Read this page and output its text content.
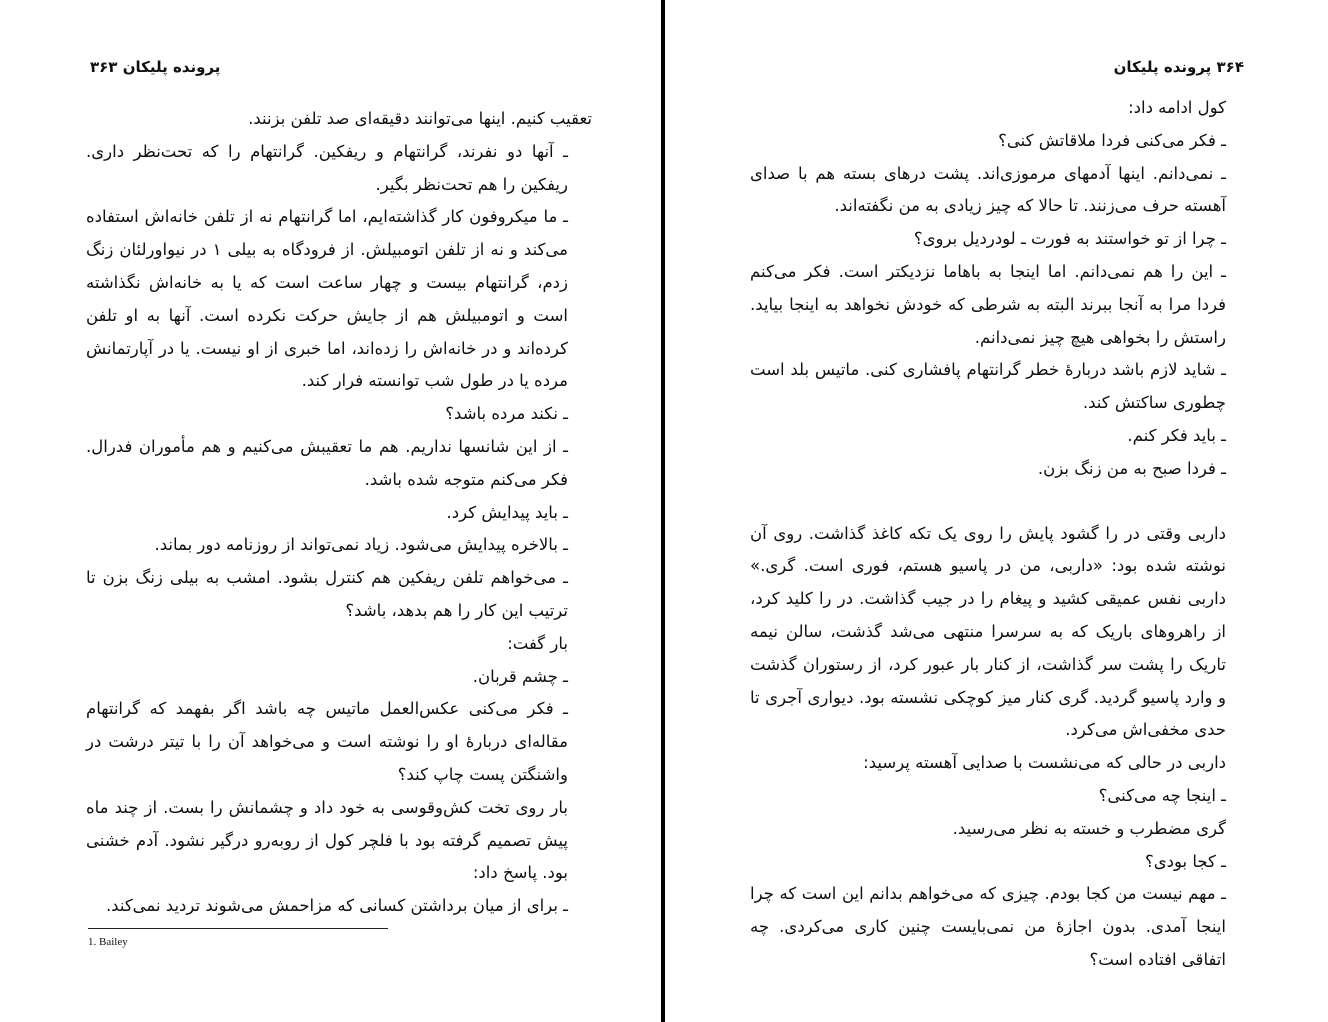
پرونده پلیکان ۳۶۳

تعقیب کنیم. اینها می‌توانند دقیقه‌ای صد تلفن بزنند.

ـ آنها دو نفرند، گرانتهام و ریفکین. گرانتهام را که تحت‌نظر داری. ریفکین را هم تحت‌نظر بگیر.

ـ ما میکروفون کار گذاشته‌ایم، اما گرانتهام نه از تلفن خانه‌اش استفاده می‌کند و نه از تلفن اتومبیلش. از فرودگاه به بیلی ۱ در نیواورلئان زنگ زدم، گرانتهام بیست و چهار ساعت است که یا به خانه‌اش نگذاشته است و اتومبیلش هم از جایش حرکت نکرده است. آنها به او تلفن کرده‌اند و در خانه‌اش را زده‌اند، اما خبری از او نیست. یا در آپارتمانش مرده یا در طول شب توانسته فرار کند.

ـ نکند مرده باشد؟

ـ از این شانسها نداریم. هم ما تعقیبش می‌کنیم و هم مأموران فدرال. فکر می‌کنم متوجه شده باشد.

ـ باید پیدایش کرد.

ـ بالاخره پیدایش می‌شود. زیاد نمی‌تواند از روزنامه دور بماند.

ـ می‌خواهم تلفن ریفکین هم کنترل بشود. امشب به بیلی زنگ بزن تا ترتیب این کار را هم بدهد، باشد؟

بار گفت:

ـ چشم قربان.

ـ فکر می‌کنی عکس‌العمل ماتیس چه باشد اگر بفهمد که گرانتهام مقاله‌ای دربارهٔ او را نوشته است و می‌خواهد آن را با تیتر درشت در واشنگتن پست چاپ کند؟

بار روی تخت کش‌وقوسی به خود داد و چشمانش را بست. از چند ماه پیش تصمیم گرفته بود با فلچر کول از روبه‌رو درگیر نشود. آدم خشنی بود. پاسخ داد:

ـ برای از میان برداشتن کسانی که مزاحمش می‌شوند تردید نمی‌کند.

1. Bailey
۳۶۴ پرونده پلیکان

کول ادامه داد:

ـ فکر می‌کنی فردا ملاقاتش کنی؟

ـ نمی‌دانم. اینها آدمهای مرموزی‌اند. پشت درهای بسته هم با صدای آهسته حرف می‌زنند. تا حالا که چیز زیادی به من نگفته‌اند.

ـ چرا از تو خواستند به فورت ـ لودردیل بروی؟

ـ این را هم نمی‌دانم. اما اینجا به باهاما نزدیکتر است. فکر می‌کنم فردا مرا به آنجا ببرند البته به شرطی که خودش نخواهد به اینجا بیاید. راستش را بخواهی هیچ چیز نمی‌دانم.

ـ شاید لازم باشد دربارهٔ خطر گرانتهام پافشاری کنی. ماتیس بلد است چطوری ساکتش کند.

ـ باید فکر کنم.

ـ فردا صبح به من زنگ بزن.

داربی وقتی در را گشود پایش را روی یک تکه کاغذ گذاشت. روی آن نوشته شده بود: «داربی، من در پاسیو هستم، فوری است. گری.» داربی نفس عمیقی کشید و پیغام را در جیب گذاشت. در را کلید کرد، از راهروهای باریک که به سرسرا منتهی می‌شد گذشت، سالن نیمه تاریک را پشت سر گذاشت، از کنار بار عبور کرد، از رستوران گذشت و وارد پاسیو گردید. گری کنار میز کوچکی نشسته بود. دیواری آجری تا حدی مخفی‌اش می‌کرد.

داربی در حالی که می‌نشست با صدایی آهسته پرسید:

ـ اینجا چه می‌کنی؟

گری مضطرب و خسته به نظر می‌رسید.

ـ کجا بودی؟

ـ مهم نیست من کجا بودم. چیزی که می‌خواهم بدانم این است که چرا اینجا آمدی. بدون اجازهٔ من نمی‌بایست چنین کاری می‌کردی. چه اتفاقی افتاده است؟
